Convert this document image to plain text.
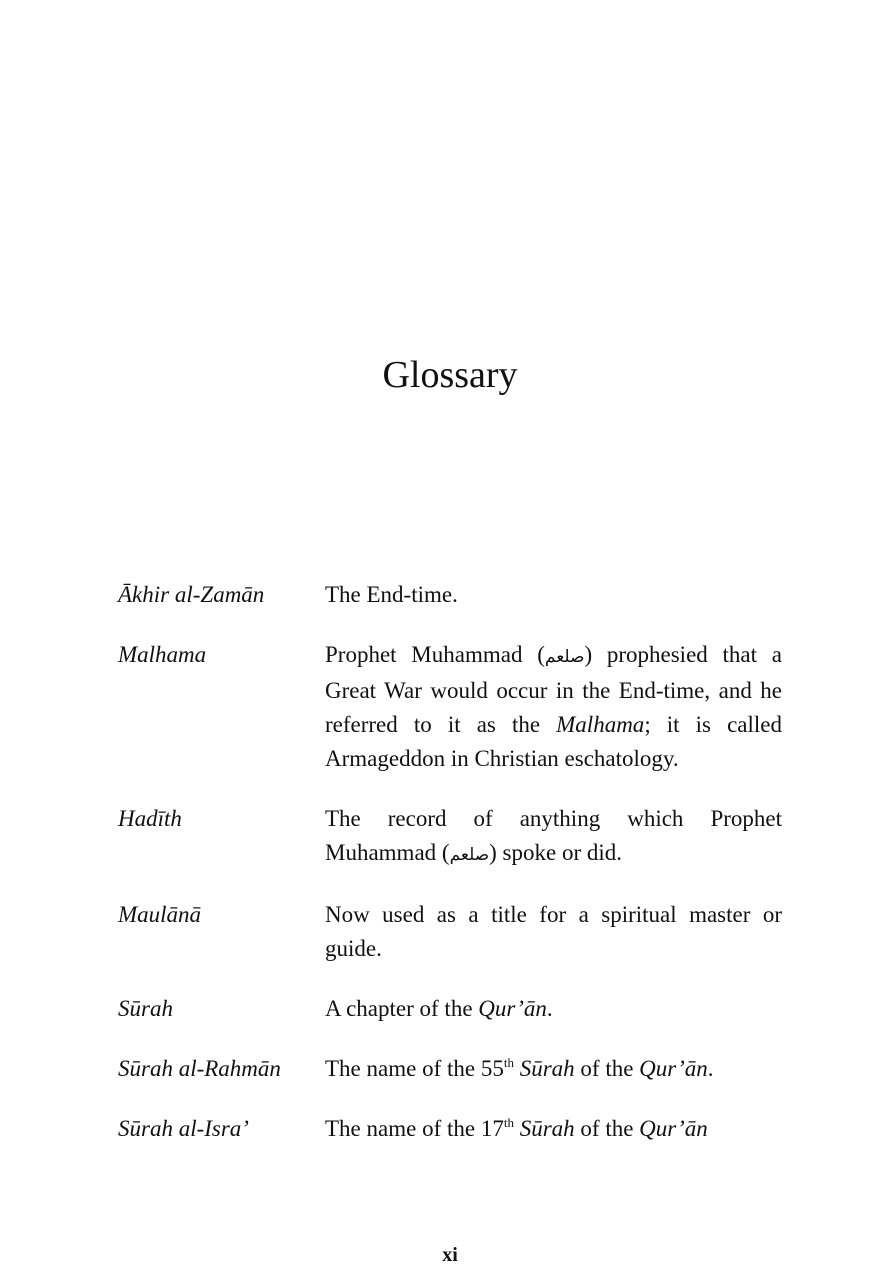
Glossary
Ākhir al-Zamān	The End-time.
Malhama	Prophet Muhammad (صلعم) prophesied that a Great War would occur in the End-time, and he referred to it as the Malhama; it is called Armageddon in Christian eschatology.
Hadīth	The record of anything which Prophet Muhammad (صلعم) spoke or did.
Maulānā	Now used as a title for a spiritual master or guide.
Sūrah	A chapter of the Qur’ān.
Sūrah al-Rahmān	The name of the 55th Sūrah of the Qur’ān.
Sūrah al-Isra’	The name of the 17th Sūrah of the Qur’ān
xi
